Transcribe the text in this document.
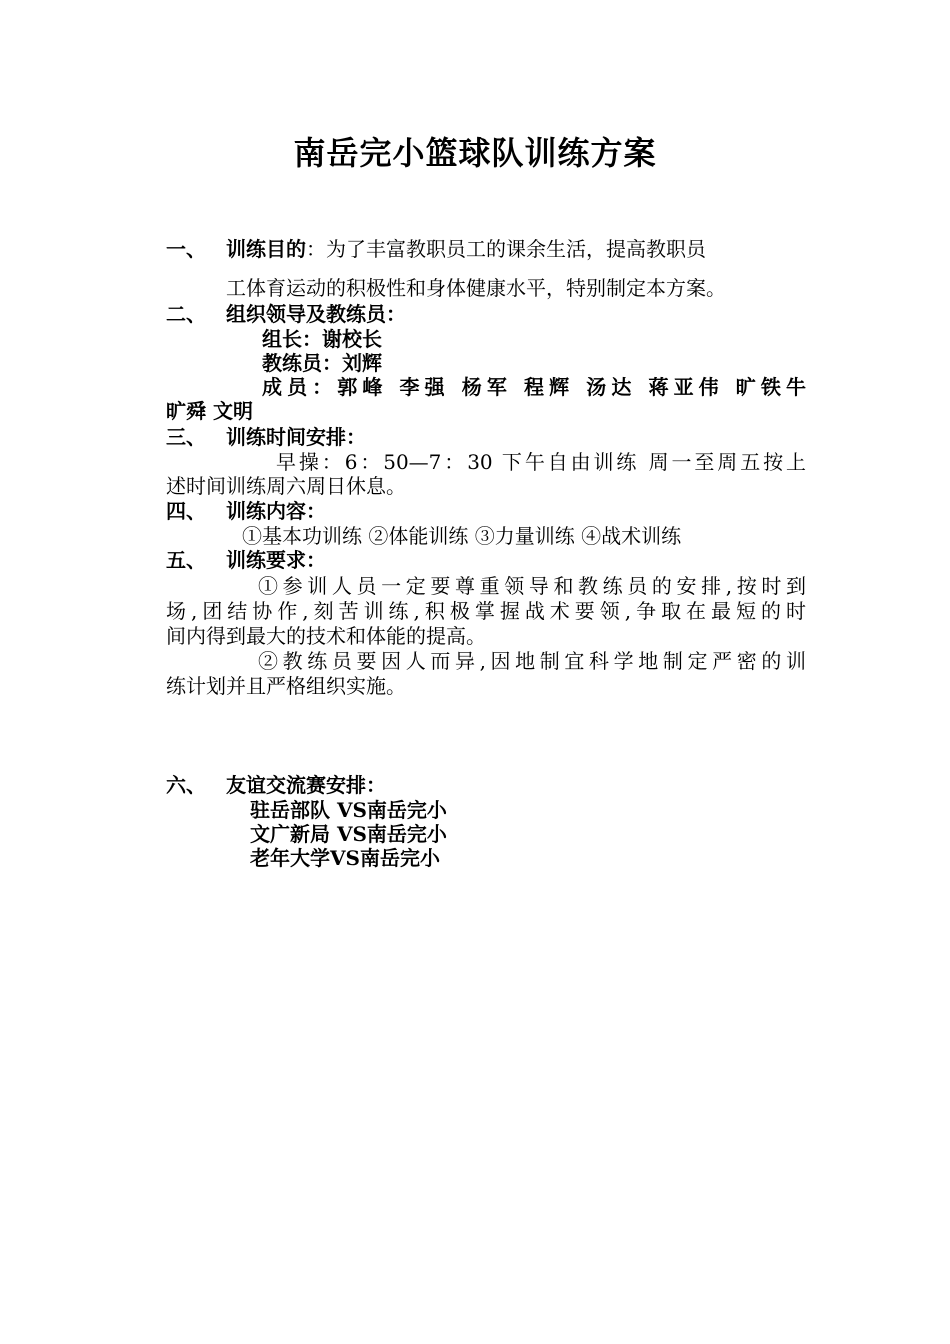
南岳完小篮球队训练方案
一、 训练目的：为了丰富教职员工的课余生活，提高教职员
工体育运动的积极性和身体健康水平，特别制定本方案。
二、 组织领导及教练员：
组长：谢校长
教练员：刘辉
成员：郭峰 李强 杨军 程辉 汤达 蒋亚伟 旷铁牛
旷舜 文明
三、 训练时间安排：
早操：6：50—7：30 下午自由训练 周一至周五按上
述时间训练周六周日休息。
四、 训练内容：
①基本功训练 ②体能训练 ③力量训练 ④战术训练
五、 训练要求：
①参训人员一定要尊重领导和教练员的安排,按时到
场,团结协作,刻苦训练,积极掌握战术要领,争取在最短的时
间内得到最大的技术和体能的提高。
②教练员要因人而异,因地制宜科学地制定严密的训
练计划并且严格组织实施。
六、 友谊交流赛安排：
驻岳部队 VS南岳完小
文广新局 VS南岳完小
老年大学VS南岳完小
